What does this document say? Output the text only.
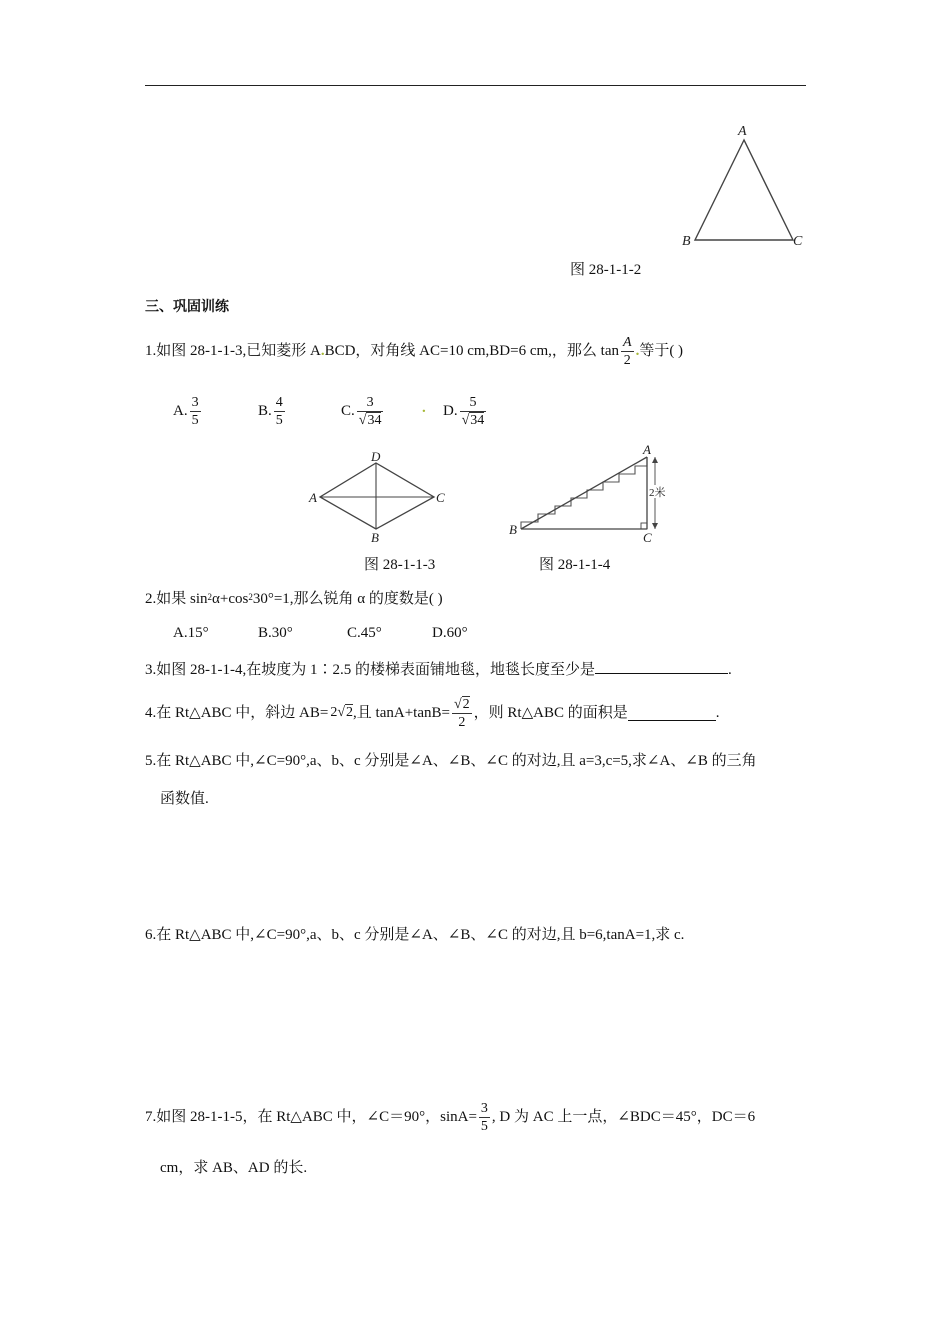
A
B	C
图 28-1-1-2
三、巩固训练
1.如图 28-1-1-3,已知菱形 A . BCD，对角线 AC=10 cm,BD=6 cm,，那么 $\tan \frac{A}{2}$ . 等于( )
A. $\frac{3}{5}$	B. $\frac{4}{5}$	C. $\frac{3}{√34}$	. D. $\frac{5}{√34}$
D
A	C
B
2米
A
B
C
图 28-1-1-3	图 28-1-1-4
2.如果 $\sin^2\alpha+\cos^230^\circ=1$,那么锐角 α 的度数是( )
A.15°	B.30°	C.45°	D.60°
3.如图 28-1-1-4,在坡度为 1∶2.5 的楼梯表面铺地毯，地毯长度至少是	.
4.在 Rt△ABC 中，斜边 AB= 2√2 ,且 $\tan A+\tan B= \frac{√2}{2}$ ，则 Rt△ABC 的面积是	.
5.在 Rt△ABC 中,∠C=90°,a、b、c 分别是∠A、∠B、∠C 的对边,且 a=3,c=5,求∠A、∠B 的三角
函数值.
6.在 Rt△ABC 中,∠C=90°,a、b、c 分别是∠A、∠B、∠C 的对边,且 b=6,tanA=1,求 c.
7.如图 28-1-1-5，在 Rt△ABC 中，∠C＝90°，$\sin A= \frac{3}{5}$ , D 为 AC 上一点，∠BDC＝45°，DC＝6
cm，求 AB、AD 的长.
